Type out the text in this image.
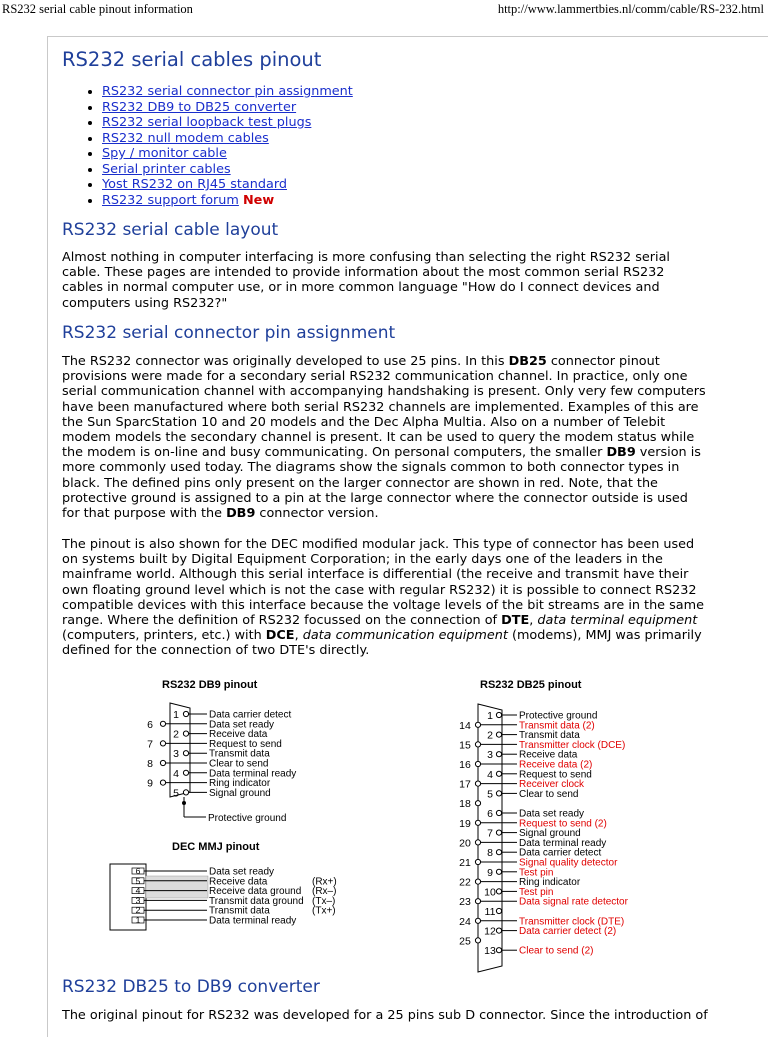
RS232 serial cable pinout information	http://www.lammertbies.nl/comm/cable/RS-232.html
RS232 serial cables pinout
• RS232 serial connector pin assignment
• RS232 DB9 to DB25 converter
• RS232 serial loopback test plugs
• RS232 null modem cables
• Spy / monitor cable
• Serial printer cables
• Yost RS232 on RJ45 standard
• RS232 support forum New
RS232 serial cable layout

Almost nothing in computer interfacing is more confusing than selecting the right RS232 serial cable. These pages are intended to provide information about the most common serial RS232 cables in normal computer use, or in more common language "How do I connect devices and computers using RS232?"

RS232 serial connector pin assignment

The RS232 connector was originally developed to use 25 pins. In this DB25 connector pinout provisions were made for a secondary serial RS232 communication channel. In practice, only one serial communication channel with accompanying handshaking is present. Only very few computers have been manufactured where both serial RS232 channels are implemented. Examples of this are the Sun SparcStation 10 and 20 models and the Dec Alpha Multia. Also on a number of Telebit modem models the secondary channel is present. It can be used to query the modem status while the modem is on-line and busy communicating. On personal computers, the smaller DB9 version is more commonly used today. The diagrams show the signals common to both connector types in black. The defined pins only present on the larger connector are shown in red. Note, that the protective ground is assigned to a pin at the large connector where the connector outside is used for that purpose with the DB9 connector version.

The pinout is also shown for the DEC modified modular jack. This type of connector has been used on systems built by Digital Equipment Corporation; in the early days one of the leaders in the mainframe world. Although this serial interface is differential (the receive and transmit have their own floating ground level which is not the case with regular RS232) it is possible to connect RS232 compatible devices with this interface because the voltage levels of the bit streams are in the same range. Where the definition of RS232 focussed on the connection of DTE, data terminal equipment (computers, printers, etc.) with DCE, data communication equipment (modems), MMJ was primarily defined for the connection of two DTE's directly.

RS232 DB25 to DB9 converter

The original pinout for RS232 was developed for a 25 pins sub D connector. Since the introduction of

RS232 DB9 pinout
Protective ground
1	Data carrier detect
6	Data set ready
2	Receive data
7	Request to send
3	Transmit data
8	Clear to send
4	Data terminal ready
9	Ring indicator
5	Signal ground
DEC MMJ pinout
6	Data set ready
5	Receive data	(Rx+)
4	Receive data ground (Rx–)
3	Transmit data ground (Tx–)
2	Transmit data	(Tx+)
1	Data terminal ready
RS232 DB25 pinout
1	Protective ground
14	Transmit data (2)
2	Transmit data
15	Transmitter clock (DCE)
3	Receive data
16	Receive data (2)
4	Request to send
17	Receiver clock
5	Clear to send
18
6	Data set ready
19	Request to send (2)
7	Signal ground
20	Data terminal ready
8	Data carrier detect
21	Signal quality detector
9	Test pin
22	Ring indicator
10 Test pin
23	Data signal rate detector
11
24	Transmitter clock (DTE)
12 Data carrier detect (2)
25
13 Clear to send (2)
